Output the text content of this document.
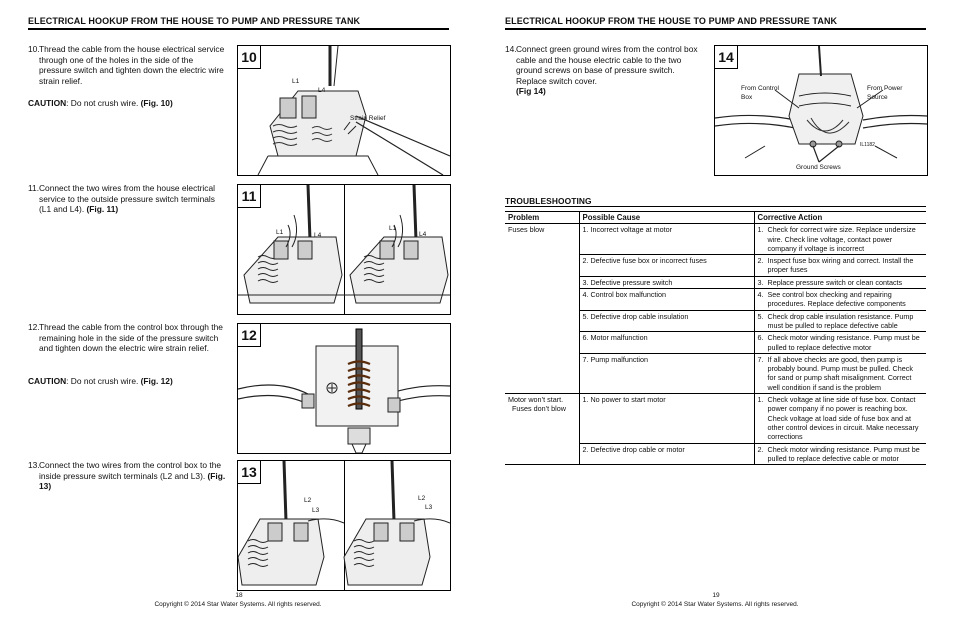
ELECTRICAL HOOKUP FROM THE HOUSE TO PUMP AND PRESSURE TANK
10. Thread the cable from the house electrical service through one of the holes in the side of the pressure switch and tighten down the electric wire strain relief.
CAUTION: Do not crush wire. (Fig. 10)
10
L1
L4
Strain Relief
11. Connect the two wires from the house electrical service to the outside pressure switch terminals (L1 and L4). (Fig. 11)
11
L1	L4
L1
L4
12. Thread the cable from the control box through the remaining hole in the side of the pressure switch and tighten down the electric wire strain relief.
CAUTION: Do not crush wire. (Fig. 12)
12
13. Connect the two wires from the control box to the inside pressure switch terminals (L2 and L3). (Fig. 13)
13
L2
L3
L2
L3
18
Copyright © 2014 Star Water Systems. All rights reserved.
ELECTRICAL HOOKUP FROM THE HOUSE TO PUMP AND PRESSURE TANK
14. Connect green ground wires from the control box cable and the house electric cable to the two ground screws on base of pressure switch. Replace switch cover.
(Fig 14)
14
From Control Box
From Power Source
IL1182
Ground Screws
TROUBLESHOOTING
Problem	Possible Cause	Corrective Action
Fuses blow	1. Incorrect voltage at motor	1. Check for correct wire size. Replace undersize wire. Check line voltage, contact power company if voltage is incorrect

	2. Defective fuse box or incorrect fuses	2. Inspect fuse box wiring and correct. Install the proper fuses

	3. Defective pressure switch	3. Replace pressure switch or clean contacts

	4. Control box malfunction	4. See control box checking and repairing procedures. Replace defective components

	5. Defective drop cable insulation	5. Check drop cable insulation resistance. Pump must be pulled to replace defective cable

	6. Motor malfunction	6. Check motor winding resistance. Pump must be pulled to replace defective motor

	7. Pump malfunction	7. If all above checks are good, then pump is probably bound. Pump must be pulled. Check for sand or pump shaft misalignment. Correct well condition if sand is the problem

Motor won’t start.
Fuses don’t blow	1. No power to start motor	1. Check voltage at line side of fuse box. Contact power company if no power is reaching box. Check voltage at load side of fuse box and at other control devices in circuit. Make necessary corrections

	2. Defective drop cable or motor	2. Check motor winding resistance. Pump must be pulled to replace defective cable or motor
19
Copyright © 2014 Star Water Systems. All rights reserved.
